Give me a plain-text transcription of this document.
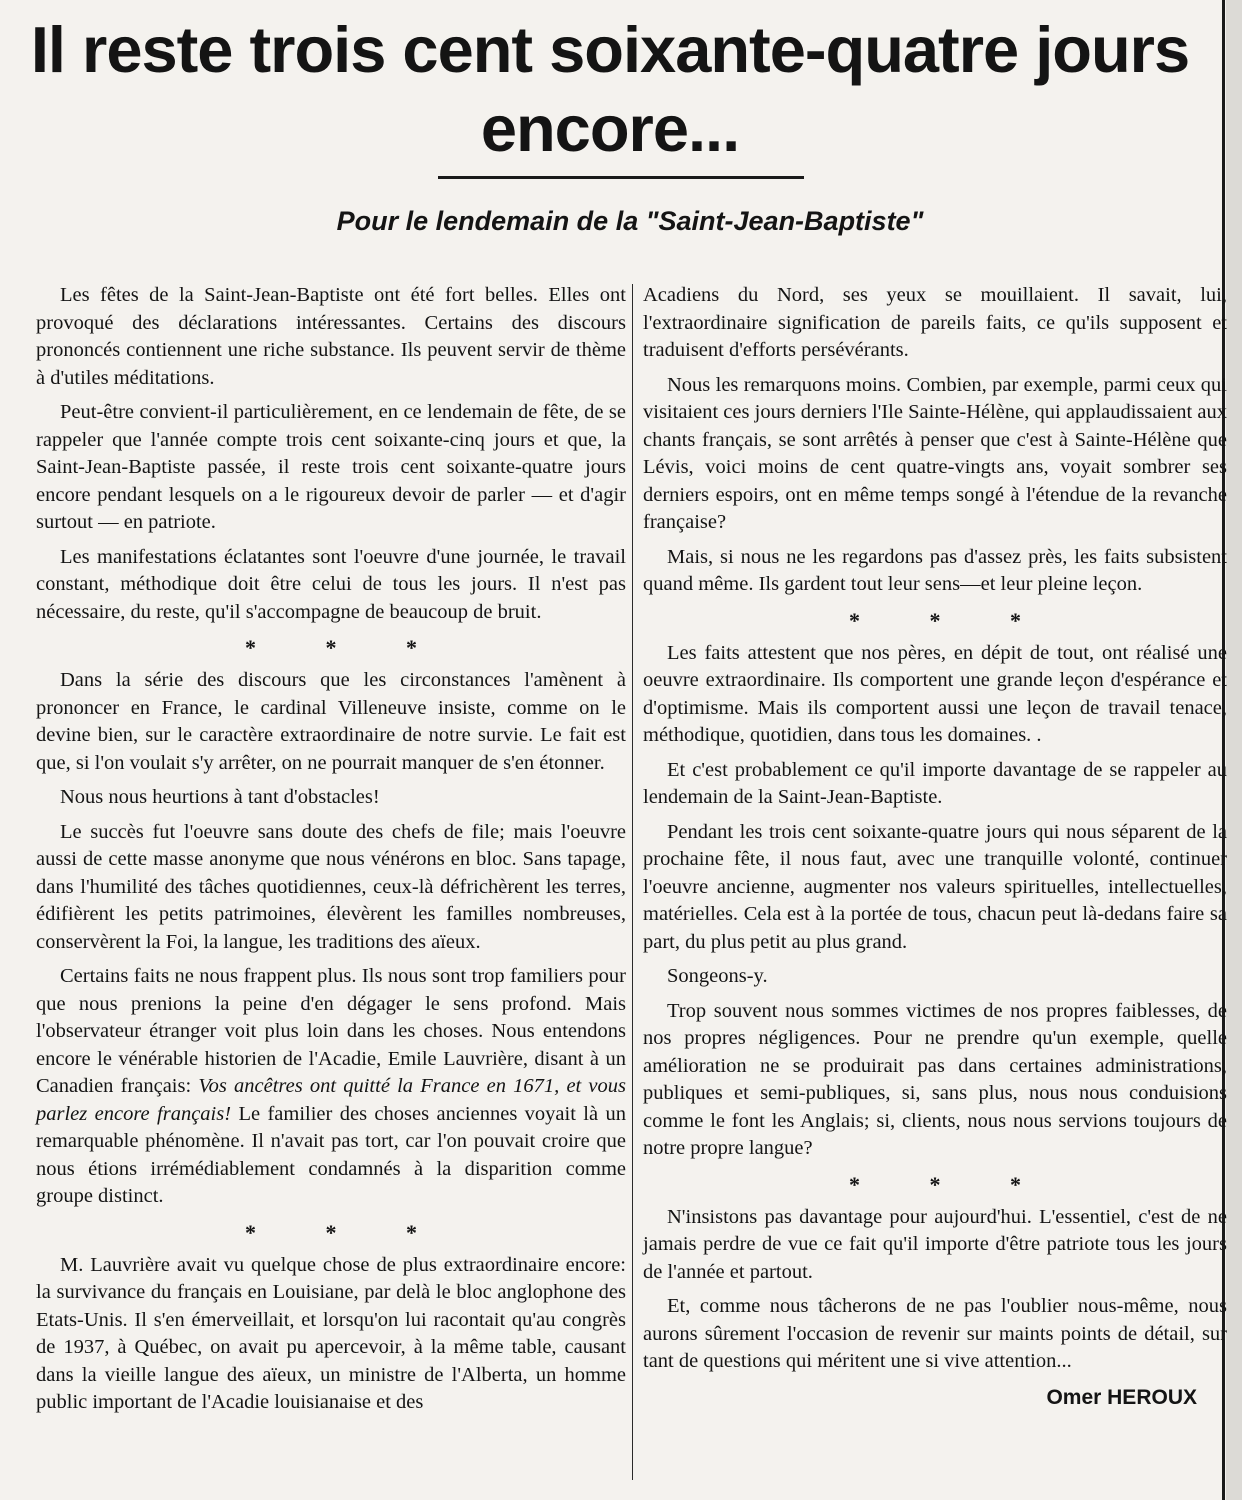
Il reste trois cent soixante-quatre jours encore...
Pour le lendemain de la "Saint-Jean-Baptiste"

Les fêtes de la Saint-Jean-Baptiste ont été fort belles. Elles ont provoqué des déclarations intéressantes. Certains des discours prononcés contiennent une riche substance. Ils peuvent servir de thème à d'utiles méditations.

Peut-être convient-il particulièrement, en ce lendemain de fête, de se rappeler que l'année compte trois cent soixante-cinq jours et que, la Saint-Jean-Baptiste passée, il reste trois cent soixante-quatre jours encore pendant lesquels on a le rigoureux devoir de parler — et d'agir surtout — en patriote.

Les manifestations éclatantes sont l'oeuvre d'une journée, le travail constant, méthodique doit être celui de tous les jours. Il n'est pas nécessaire, du reste, qu'il s'accompagne de beaucoup de bruit.

* * *

Dans la série des discours que les circonstances l'amènent à prononcer en France, le cardinal Villeneuve insiste, comme on le devine bien, sur le caractère extraordinaire de notre survie. Le fait est que, si l'on voulait s'y arrêter, on ne pourrait manquer de s'en étonner.

Nous nous heurtions à tant d'obstacles!

Le succès fut l'oeuvre sans doute des chefs de file; mais l'oeuvre aussi de cette masse anonyme que nous vénérons en bloc. Sans tapage, dans l'humilité des tâches quotidiennes, ceux-là défrichèrent les terres, édifièrent les petits patrimoines, élevèrent les familles nombreuses, conservèrent la Foi, la langue, les traditions des aïeux.

Certains faits ne nous frappent plus. Ils nous sont trop familiers pour que nous prenions la peine d'en dégager le sens profond. Mais l'observateur étranger voit plus loin dans les choses. Nous entendons encore le vénérable historien de l'Acadie, Emile Lauvrière, disant à un Canadien français: Vos ancêtres ont quitté la France en 1671, et vous parlez encore français! Le familier des choses anciennes voyait là un remarquable phénomène. Il n'avait pas tort, car l'on pouvait croire que nous étions irrémédiablement condamnés à la disparition comme groupe distinct.

* * *

M. Lauvrière avait vu quelque chose de plus extraordinaire encore: la survivance du français en Louisiane, par delà le bloc anglophone des Etats-Unis. Il s'en émerveillait, et lorsqu'on lui racontait qu'au congrès de 1937, à Québec, on avait pu apercevoir, à la même table, causant dans la vieille langue des aïeux, un ministre de l'Alberta, un homme public important de l'Acadie louisianaise et des

Acadiens du Nord, ses yeux se mouillaient. Il savait, lui, l'extraordinaire signification de pareils faits, ce qu'ils supposent et traduisent d'efforts persévérants.

Nous les remarquons moins. Combien, par exemple, parmi ceux qui visitaient ces jours derniers l'Ile Sainte-Hélène, qui applaudissaient aux chants français, se sont arrêtés à penser que c'est à Sainte-Hélène que Lévis, voici moins de cent quatre-vingts ans, voyait sombrer ses derniers espoirs, ont en même temps songé à l'étendue de la revanche française?

Mais, si nous ne les regardons pas d'assez près, les faits subsistent quand même. Ils gardent tout leur sens—et leur pleine leçon.

* * *

Les faits attestent que nos pères, en dépit de tout, ont réalisé une oeuvre extraordinaire. Ils comportent une grande leçon d'espérance et d'optimisme. Mais ils comportent aussi une leçon de travail tenace, méthodique, quotidien, dans tous les domaines. .

Et c'est probablement ce qu'il importe davantage de se rappeler au lendemain de la Saint-Jean-Baptiste.

Pendant les trois cent soixante-quatre jours qui nous séparent de la prochaine fête, il nous faut, avec une tranquille volonté, continuer l'oeuvre ancienne, augmenter nos valeurs spirituelles, intellectuelles, matérielles. Cela est à la portée de tous, chacun peut là-dedans faire sa part, du plus petit au plus grand.

Songeons-y.

Trop souvent nous sommes victimes de nos propres faiblesses, de nos propres négligences. Pour ne prendre qu'un exemple, quelle amélioration ne se produirait pas dans certaines administrations, publiques et semi-publiques, si, sans plus, nous nous conduisions comme le font les Anglais; si, clients, nous nous servions toujours de notre propre langue?

* * *

N'insistons pas davantage pour aujourd'hui. L'essentiel, c'est de ne jamais perdre de vue ce fait qu'il importe d'être patriote tous les jours de l'année et partout.

Et, comme nous tâcherons de ne pas l'oublier nous-même, nous aurons sûrement l'occasion de revenir sur maints points de détail, sur tant de questions qui méritent une si vive attention...

Omer HEROUX
